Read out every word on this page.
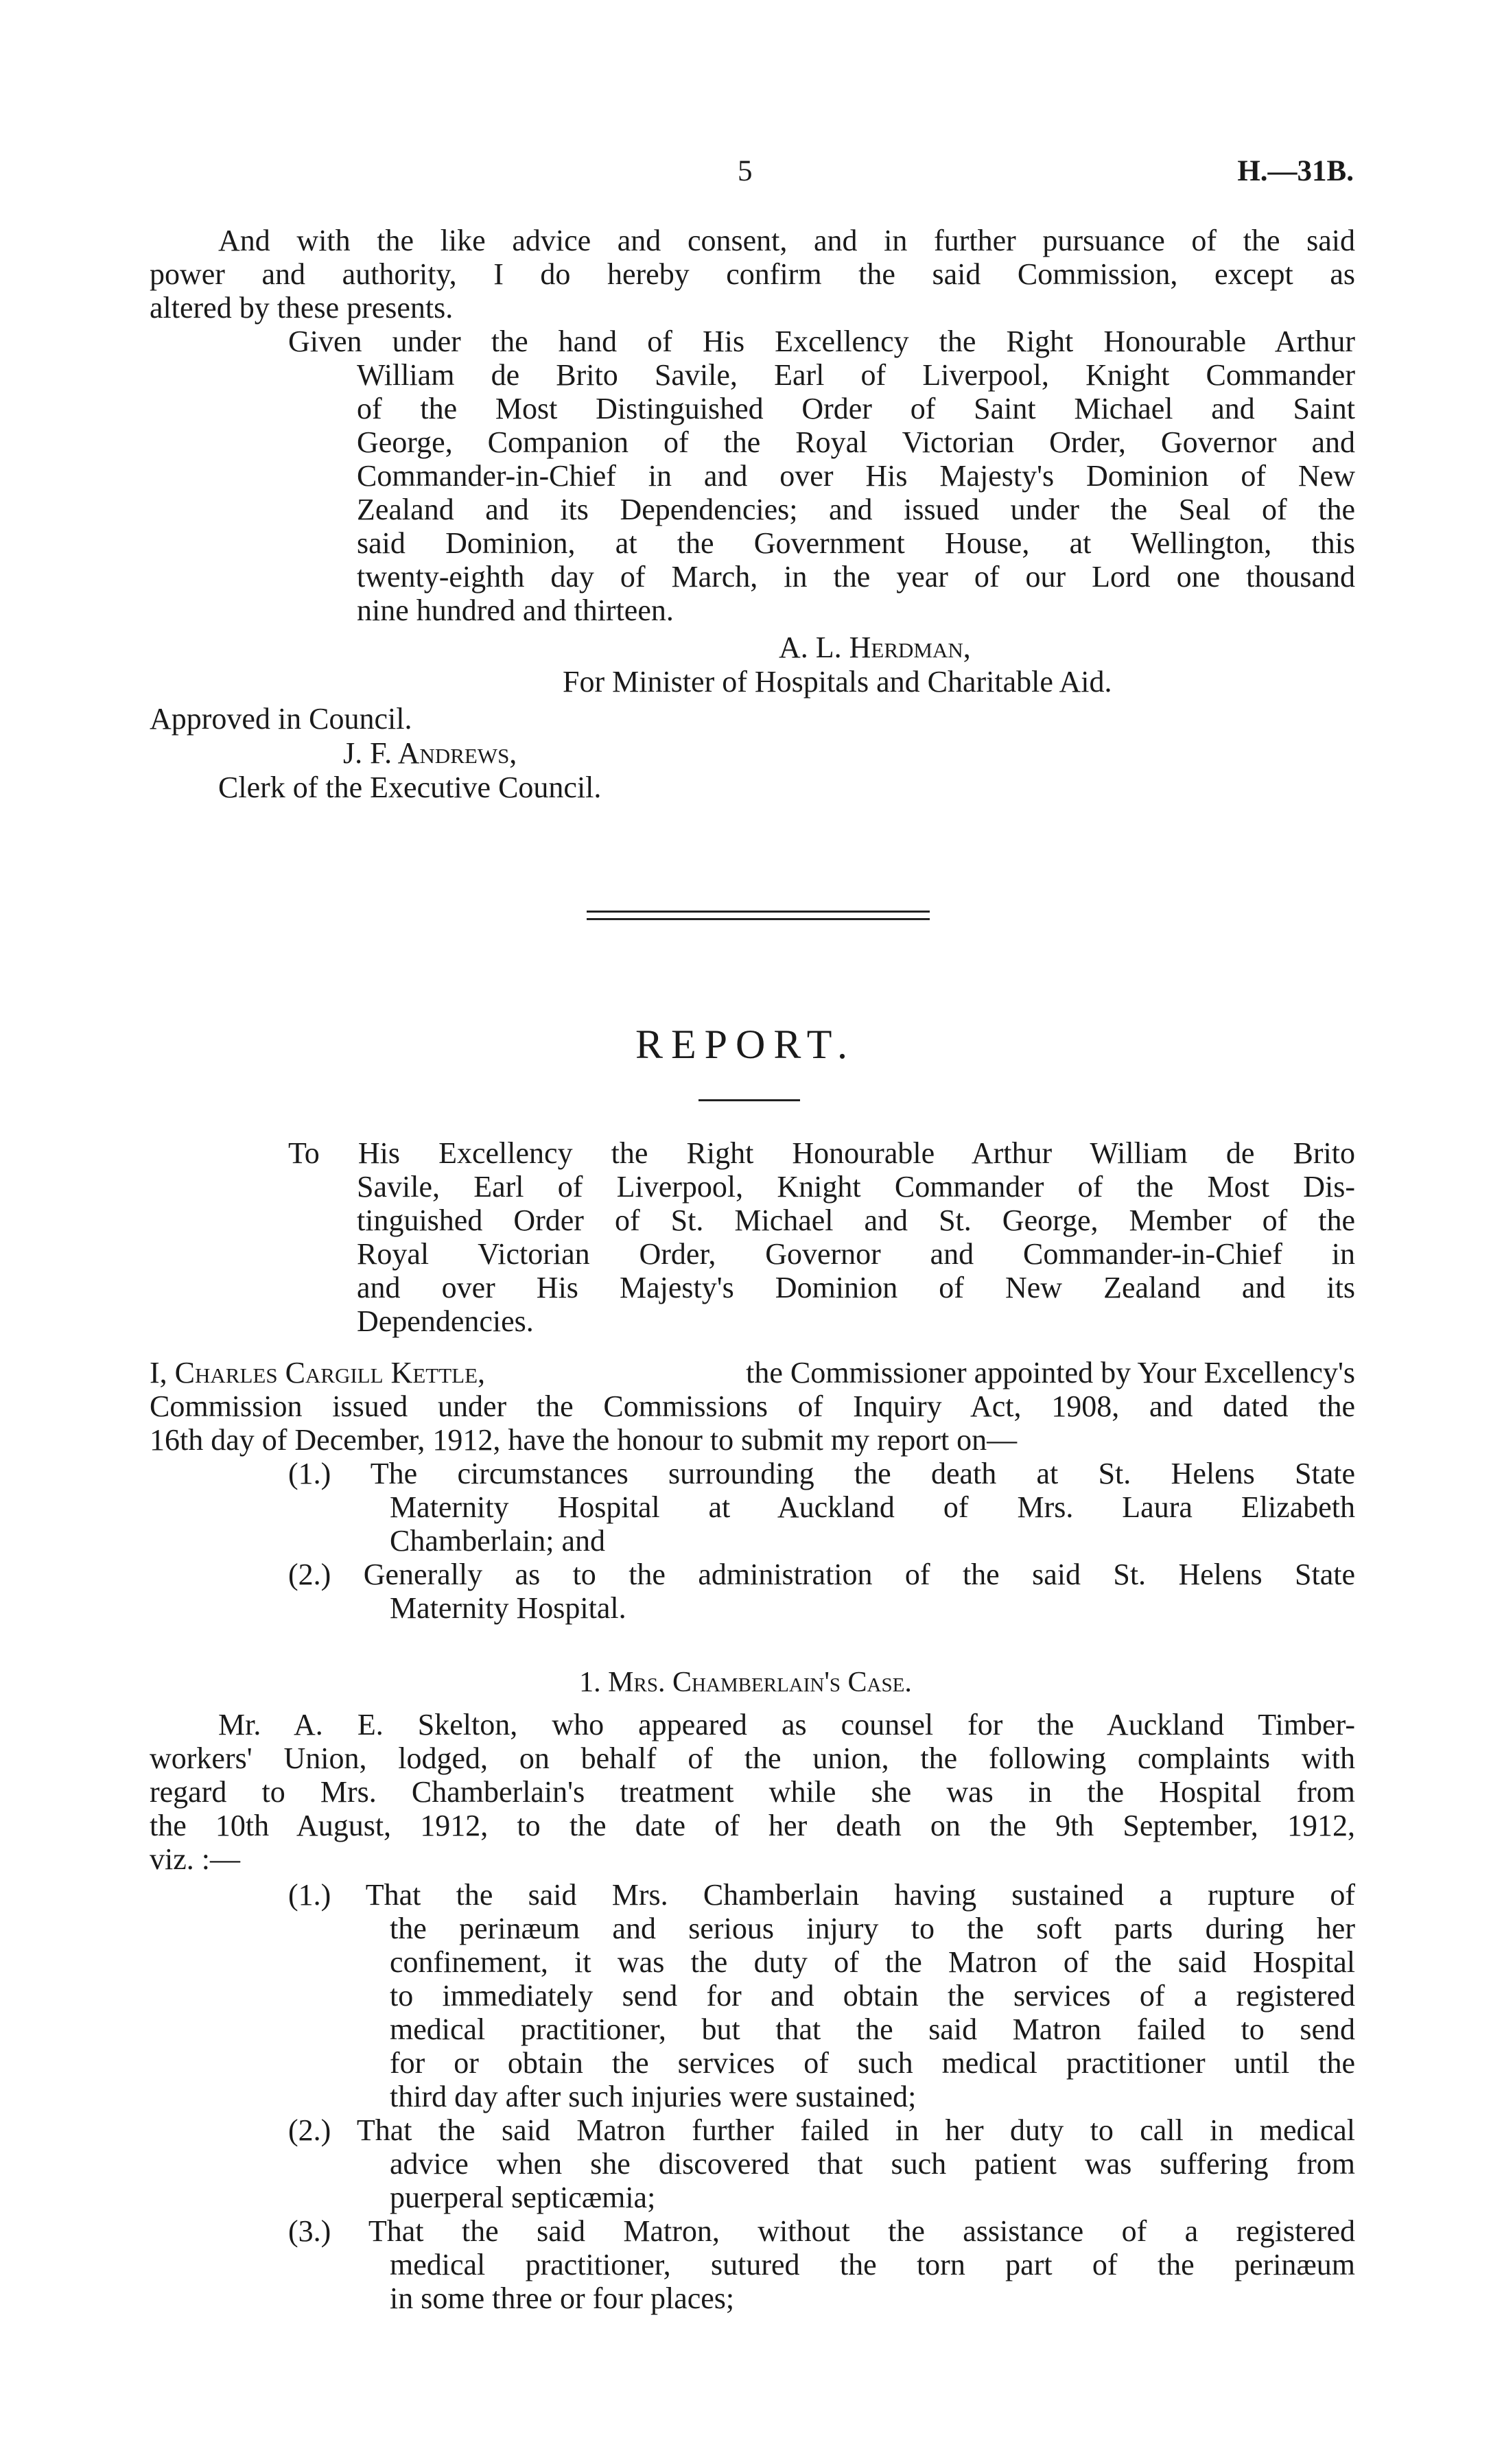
5	H.—31B.
And with the like advice and consent, and in further pursuance of the said
power and authority, I do hereby confirm the said Commission, except as
altered by these presents.
Given under the hand of His Excellency the Right Honourable Arthur
William de Brito Savile, Earl of Liverpool, Knight Commander
of the Most Distinguished Order of Saint Michael and Saint
George, Companion of the Royal Victorian Order, Governor and
Commander-in-Chief in and over His Majesty's Dominion of New
Zealand and its Dependencies; and issued under the Seal of the
said Dominion, at the Government House, at Wellington, this
twenty-eighth day of March, in the year of our Lord one thousand
nine hundred and thirteen.
A. L. Herdman,
For Minister of Hospitals and Charitable Aid.
Approved in Council.
J. F. Andrews,
Clerk of the Executive Council.
REPORT.
To His Excellency the Right Honourable Arthur William de Brito
Savile, Earl of Liverpool, Knight Commander of the Most Dis-
tinguished Order of St. Michael and St. George, Member of the
Royal Victorian Order, Governor and Commander-in-Chief in
and over His Majesty's Dominion of New Zealand and its
Dependencies.
I, Charles Cargill Kettle,	the Commissioner appointed by Your Excellency's
Commission issued under the Commissions of Inquiry Act, 1908, and dated the
16th day of December, 1912, have the honour to submit my report on—
(1.) The circumstances surrounding the death at St. Helens State
Maternity Hospital at Auckland of Mrs. Laura Elizabeth
Chamberlain; and
(2.) Generally as to the administration of the said St. Helens State
Maternity Hospital.
1. Mrs. Chamberlain's Case.
Mr. A. E. Skelton, who appeared as counsel for the Auckland Timber-
workers' Union, lodged, on behalf of the union, the following complaints with
regard to Mrs. Chamberlain's treatment while she was in the Hospital from
the 10th August, 1912, to the date of her death on the 9th September, 1912,
viz. :—
(1.) That the said Mrs. Chamberlain having sustained a rupture of
the perinæum and serious injury to the soft parts during her
confinement, it was the duty of the Matron of the said Hospital
to immediately send for and obtain the services of a registered
medical practitioner, but that the said Matron failed to send
for or obtain the services of such medical practitioner until the
third day after such injuries were sustained;
(2.) That the said Matron further failed in her duty to call in medical
advice when she discovered that such patient was suffering from
puerperal septicæmia;
(3.) That the said Matron, without the assistance of a registered
medical practitioner, sutured the torn part of the perinæum
in some three or four places;
